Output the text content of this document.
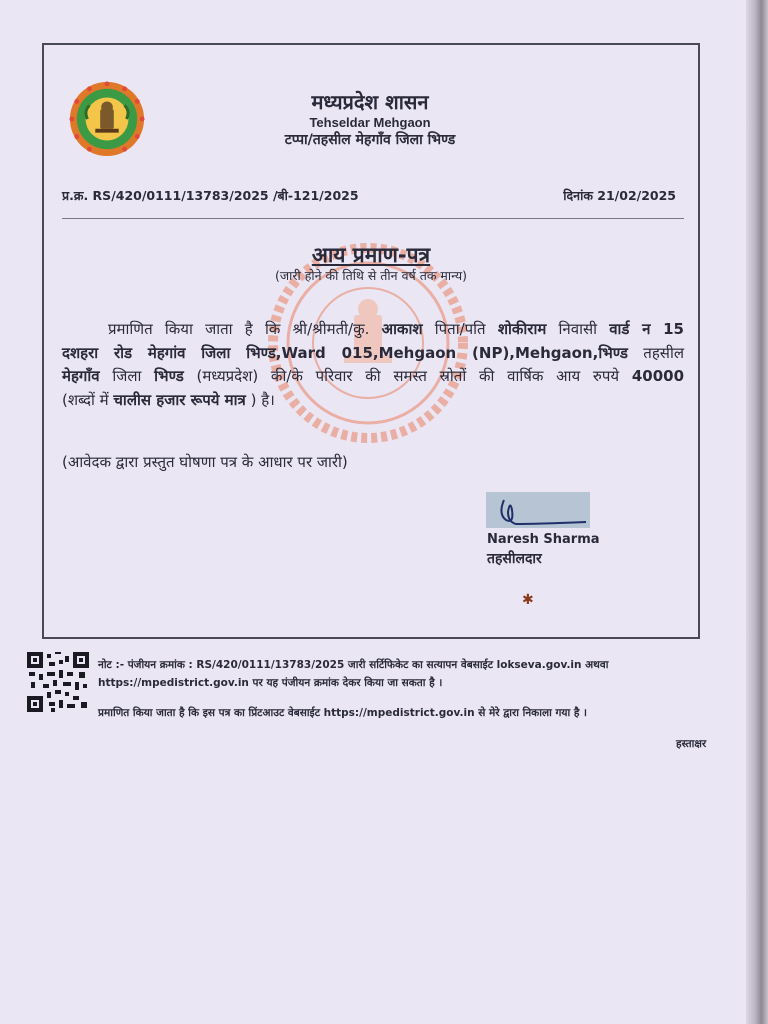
मध्यप्रदेश शासन
Tehseldar Mehgaon
टप्पा/तहसील मेहगाँव जिला भिण्ड
प्र.क्र. RS/420/0111/13783/2025 /बी-121/2025	दिनांक 21/02/2025
आय प्रमाण-पत्र
(जारी होने की तिथि से तीन वर्ष तक मान्य)
प्रमाणित किया जाता है कि श्री/श्रीमती/कु. आकाश पिता/पति शोकीराम निवासी वार्ड न 15
दशहरा रोड मेहगांव जिला भिण्ड,Ward 015,Mehgaon (NP),Mehgaon,भिण्ड तहसील
मेहगाँव जिला भिण्ड (मध्यप्रदेश) की/के परिवार की समस्त स्रोतों की वार्षिक आय रुपये 40000
(शब्दों में चालीस हजार रूपये मात्र ) है।
(आवेदक द्वारा प्रस्तुत घोषणा पत्र के आधार पर जारी)
Naresh Sharma
तहसीलदार
✱
नोट :- पंजीयन क्रमांक : RS/420/0111/13783/2025 जारी सर्टिफिकेट का सत्यापन वेबसाईट lokseva.gov.in अथवा
https://mpedistrict.gov.in पर यह पंजीयन क्रमांक देकर किया जा सकता है ।
प्रमाणित किया जाता है कि इस पत्र का प्रिंटआउट वेबसाईट https://mpedistrict.gov.in से मेरे द्वारा निकाला गया है ।
हस्ताक्षर
